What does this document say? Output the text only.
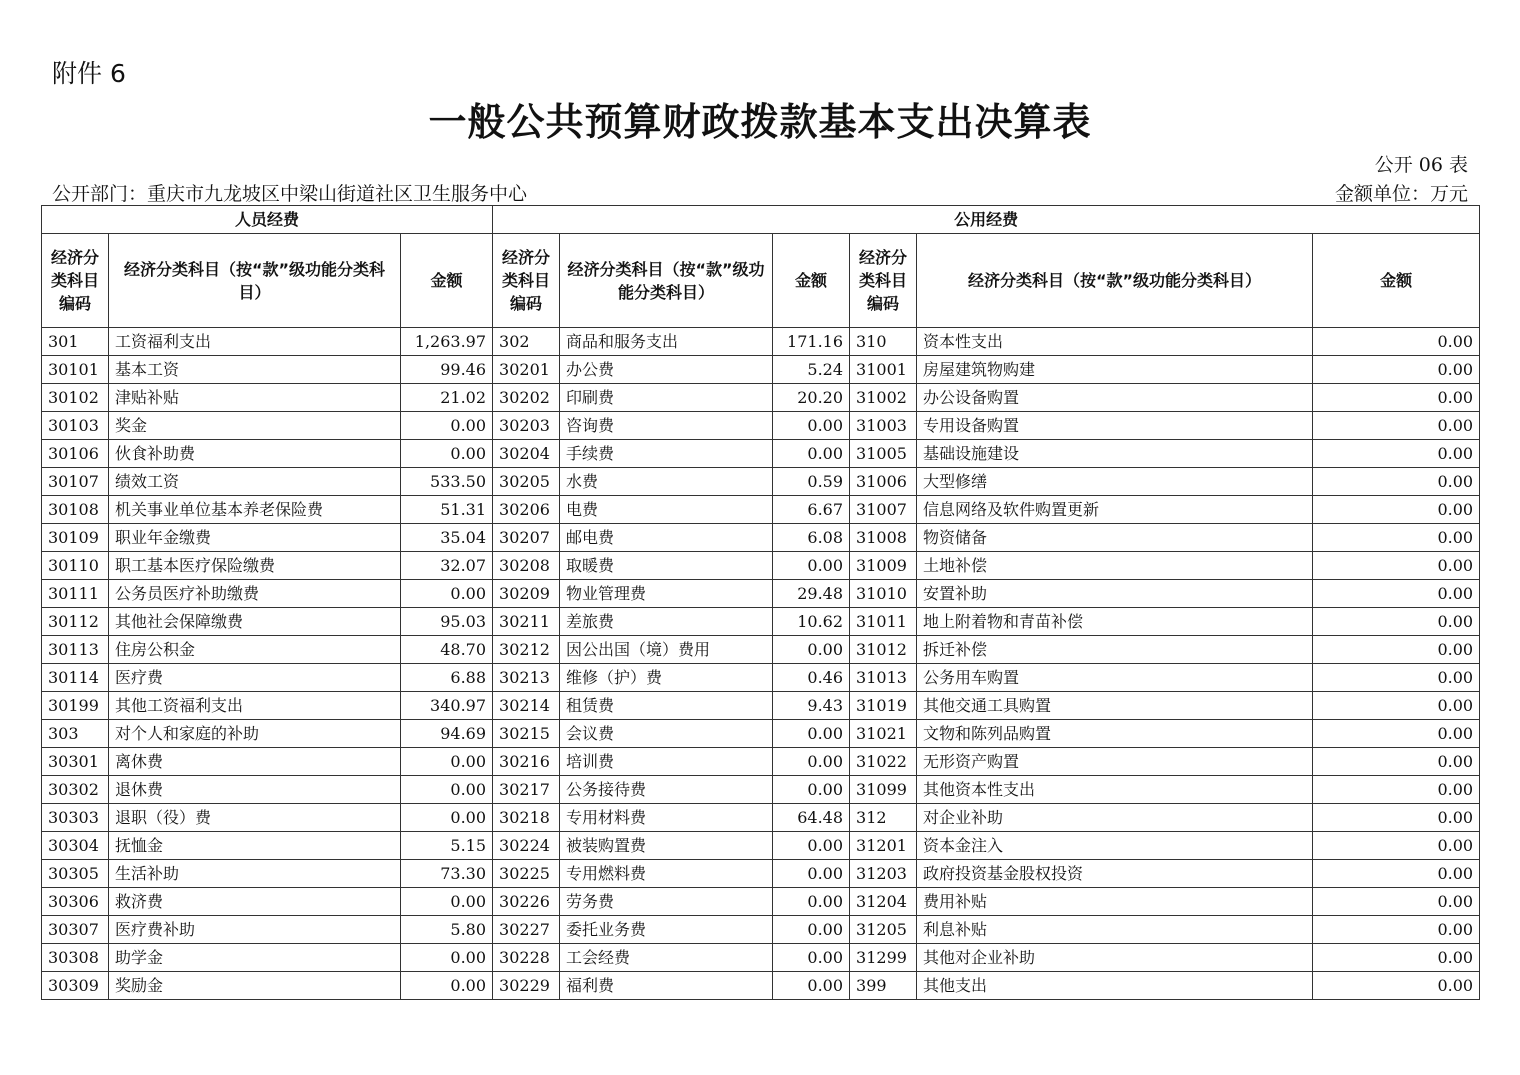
附件 6
一般公共预算财政拨款基本支出决算表
公开 06 表
公开部门：重庆市九龙坡区中梁山街道社区卫生服务中心	金额单位：万元
人员经费			公用经费					
经济分类科目编码	经济分类科目（按“款”级功能分类科目）	金额	经济分类科目编码	经济分类科目（按“款”级功能分类科目）	金额	经济分类科目编码	经济分类科目（按“款”级功能分类科目）	金额
301	工资福利支出	1,263.97	302	商品和服务支出	171.16	310	资本性支出	0.00
30101	基本工资	99.46	30201	办公费	5.24	31001	房屋建筑物购建	0.00
30102	津贴补贴	21.02	30202	印刷费	20.20	31002	办公设备购置	0.00
30103	奖金	0.00	30203	咨询费	0.00	31003	专用设备购置	0.00
30106	伙食补助费	0.00	30204	手续费	0.00	31005	基础设施建设	0.00
30107	绩效工资	533.50	30205	水费	0.59	31006	大型修缮	0.00
30108	机关事业单位基本养老保险费	51.31	30206	电费	6.67	31007	信息网络及软件购置更新	0.00
30109	职业年金缴费	35.04	30207	邮电费	6.08	31008	物资储备	0.00
30110	职工基本医疗保险缴费	32.07	30208	取暖费	0.00	31009	土地补偿	0.00
30111	公务员医疗补助缴费	0.00	30209	物业管理费	29.48	31010	安置补助	0.00
30112	其他社会保障缴费	95.03	30211	差旅费	10.62	31011	地上附着物和青苗补偿	0.00
30113	住房公积金	48.70	30212	因公出国（境）费用	0.00	31012	拆迁补偿	0.00
30114	医疗费	6.88	30213	维修（护）费	0.46	31013	公务用车购置	0.00
30199	其他工资福利支出	340.97	30214	租赁费	9.43	31019	其他交通工具购置	0.00
303	对个人和家庭的补助	94.69	30215	会议费	0.00	31021	文物和陈列品购置	0.00
30301	离休费	0.00	30216	培训费	0.00	31022	无形资产购置	0.00
30302	退休费	0.00	30217	公务接待费	0.00	31099	其他资本性支出	0.00
30303	退职（役）费	0.00	30218	专用材料费	64.48	312	对企业补助	0.00
30304	抚恤金	5.15	30224	被装购置费	0.00	31201	资本金注入	0.00
30305	生活补助	73.30	30225	专用燃料费	0.00	31203	政府投资基金股权投资	0.00
30306	救济费	0.00	30226	劳务费	0.00	31204	费用补贴	0.00
30307	医疗费补助	5.80	30227	委托业务费	0.00	31205	利息补贴	0.00
30308	助学金	0.00	30228	工会经费	0.00	31299	其他对企业补助	0.00
30309	奖励金	0.00	30229	福利费	0.00	399	其他支出	0.00
